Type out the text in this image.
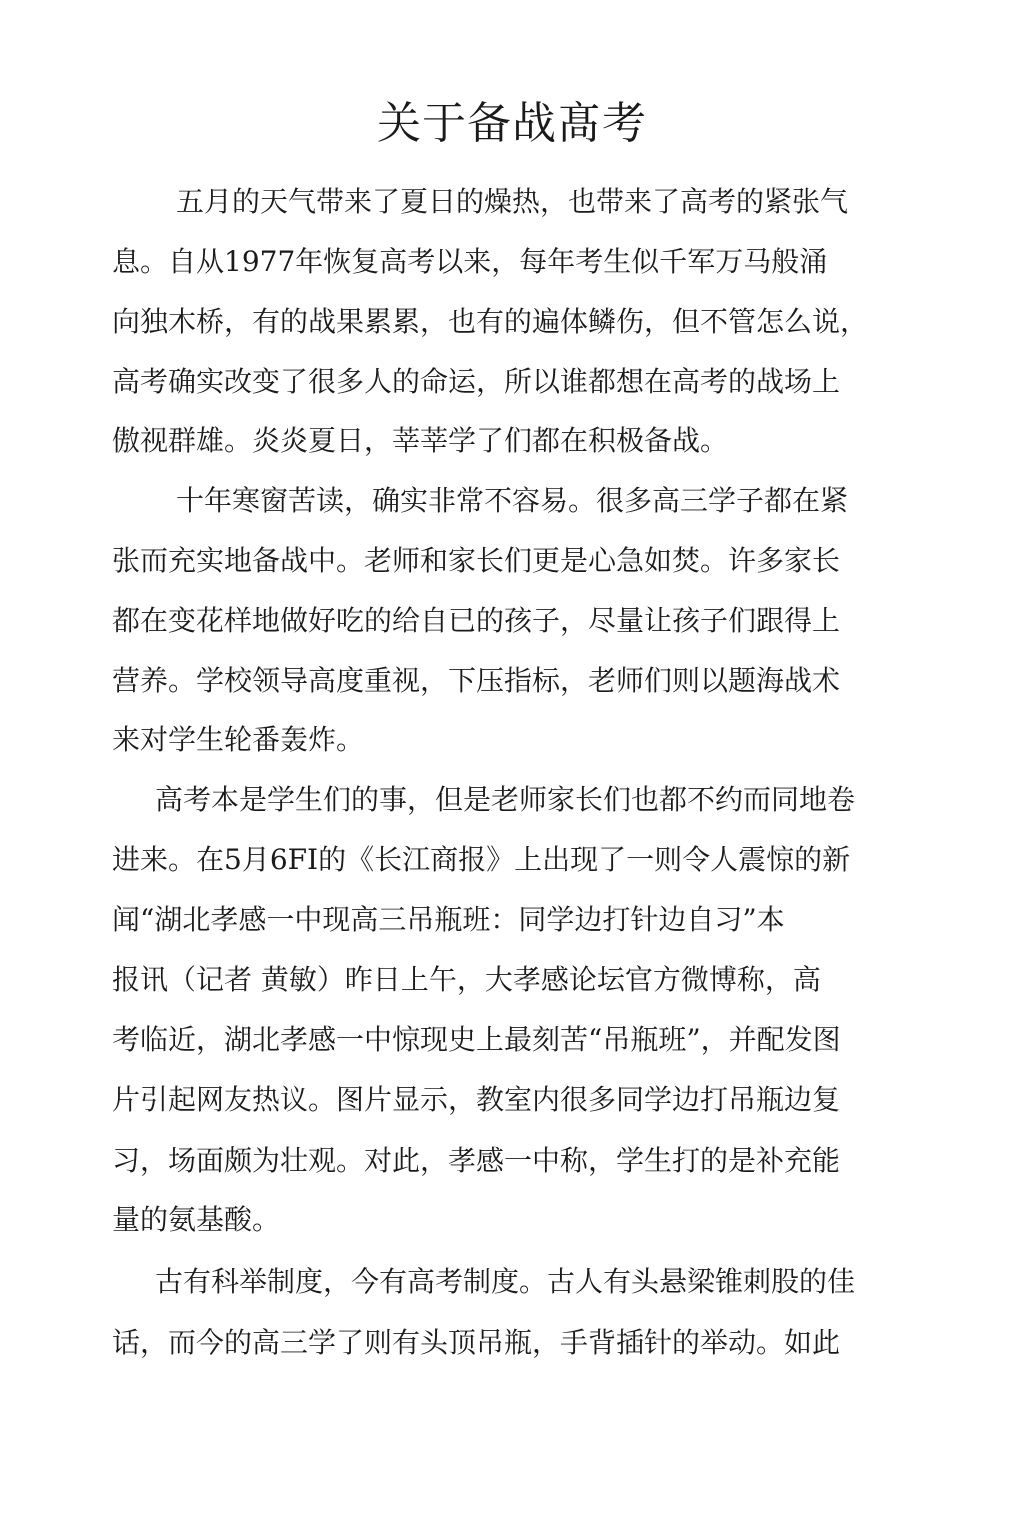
关于备战髙考

五月的天气带来了夏日的燥热，也带来了高考的紧张气

息。自从1977年恢复高考以来，每年考生似千军万马般涌

向独木桥，有的战果累累，也有的遍体鳞伤，但不管怎么说，

高考确实改变了很多人的命运，所以谁都想在高考的战场上

傲视群雄。炎炎夏日，莘莘学了们都在积极备战。

十年寒窗苦读，确实非常不容易。很多高三学子都在紧

张而充实地备战中。老师和家长们更是心急如焚。许多家长

都在变花样地做好吃的给自已的孩子，尽量让孩子们跟得上

营养。学校领导高度重视，下压指标，老师们则以题海战术

来对学生轮番轰炸。

高考本是学生们的事，但是老师家长们也都不约而同地卷

进来。在5月6FI的《长江商报》上出现了一则令人震惊的新

闻“湖北孝感一中现高三吊瓶班：同学边打针边自习”本

报讯（记者 黄敏）昨日上午，大孝感论坛官方微博称，高

考临近，湖北孝感一中惊现史上最刻苦“吊瓶班”，并配发图

片引起网友热议。图片显示，教室内很多同学边打吊瓶边复

习，场面颇为壮观。对此，孝感一中称，学生打的是补充能

量的氨基酸。

古有科举制度，今有高考制度。古人有头悬梁锥刺股的佳

话，而今的高三学了则有头顶吊瓶，手背插针的举动。如此
